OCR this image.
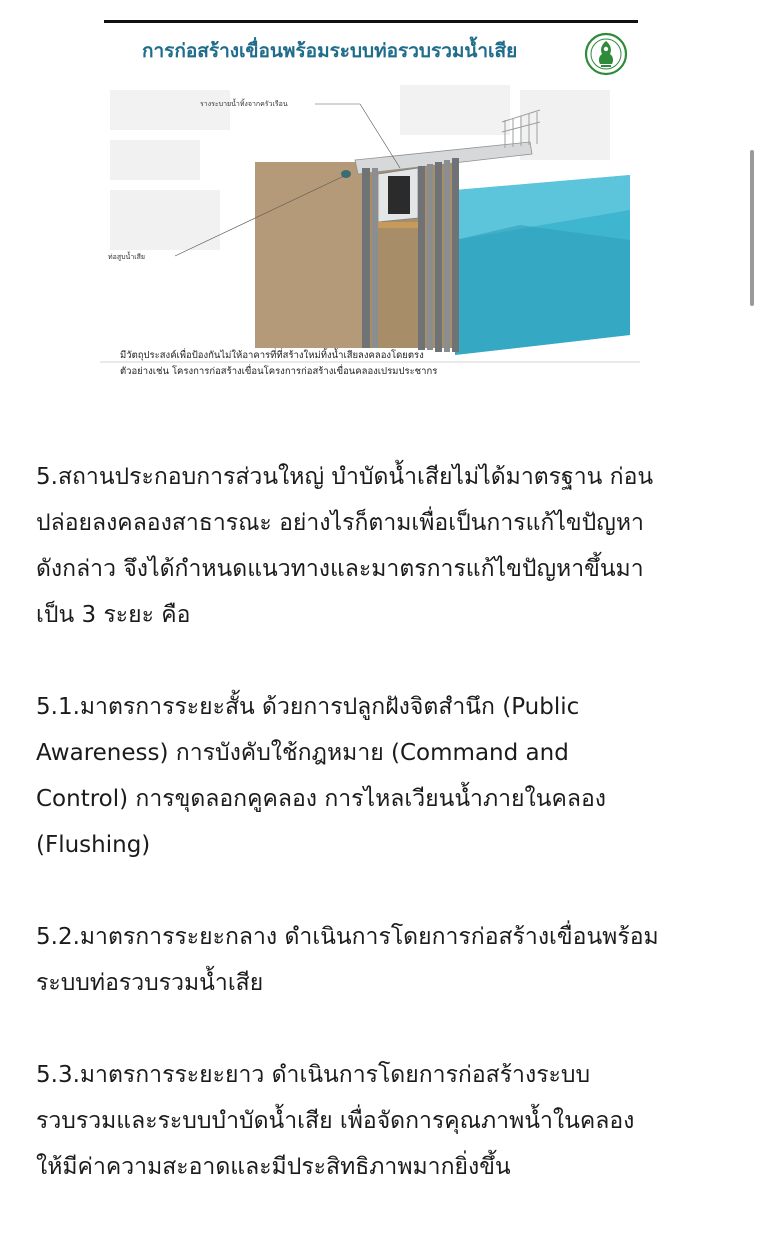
การก่อสร้างเขื่อนพร้อมระบบท่อรวบรวมน้ำเสีย
รางระบายน้ำทิ้งจากครัวเรือน
ท่อสูบน้ำเสีย
มีวัตถุประสงค์เพื่อป้องกันไม่ให้อาคารที่ที่สร้างใหม่ทิ้งน้ำเสียลงคลองโดยตรง
ตัวอย่างเช่น โครงการก่อสร้างเขื่อนโครงการก่อสร้างเขื่อนคลองเปรมประชากร
5.สถานประกอบการส่วนใหญ่ บำบัดน้ำเสียไม่ได้มาตรฐาน ก่อน
ปล่อยลงคลองสาธารณะ อย่างไรก็ตามเพื่อเป็นการแก้ไขปัญหา
ดังกล่าว จึงได้กำหนดแนวทางและมาตรการแก้ไขปัญหาขึ้นมา
เป็น 3 ระยะ คือ
5.1.มาตรการระยะสั้น ด้วยการปลูกฝังจิตสำนึก (Public
Awareness) การบังคับใช้กฎหมาย (Command and
Control) การขุดลอกคูคลอง การไหลเวียนน้ำภายในคลอง
(Flushing)
5.2.มาตรการระยะกลาง ดำเนินการโดยการก่อสร้างเขื่อนพร้อม
ระบบท่อรวบรวมน้ำเสีย
5.3.มาตรการระยะยาว ดำเนินการโดยการก่อสร้างระบบ
รวบรวมและระบบบำบัดน้ำเสีย เพื่อจัดการคุณภาพน้ำในคลอง
ให้มีค่าความสะอาดและมีประสิทธิภาพมากยิ่งขึ้น
